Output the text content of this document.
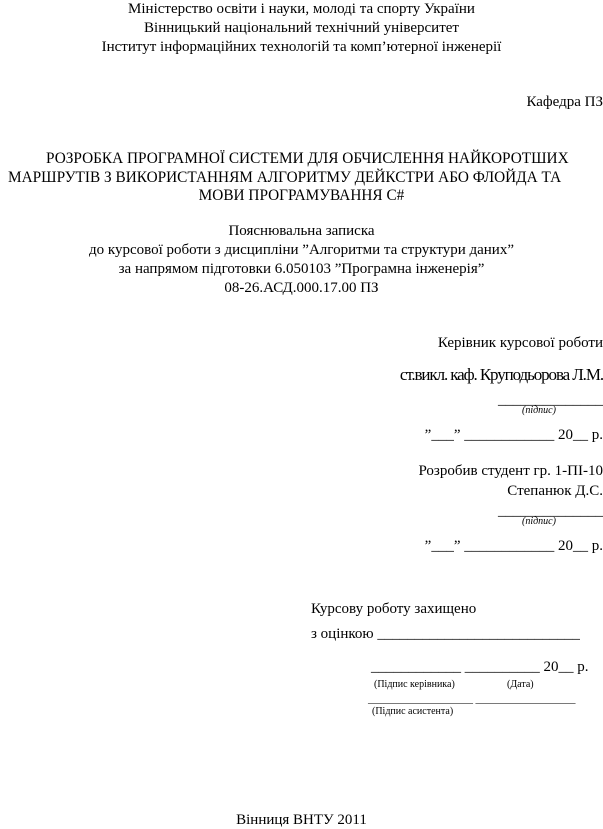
Міністерство освіти і науки, молоді та спорту України
Вінницький національний технічний університет
Інститут інформаційних технологій та комп’ютерної інженерії
Кафедра ПЗ
РОЗРОБКА ПРОГРАМНОЇ СИСТЕМИ ДЛЯ ОБЧИСЛЕННЯ НАЙКОРОТШИХ
МАРШРУТІВ З ВИКОРИСТАННЯМ АЛГОРИТМУ ДЕЙКСТРИ АБО ФЛОЙДА ТА
МОВИ ПРОГРАМУВАННЯ C#
Пояснювальна записка
до курсової роботи з дисципліни ”Алгоритми та структури даних”
за напрямом підготовки 6.050103 ”Програмна інженерія”
08-26.АСД.000.17.00 ПЗ
Керівник курсової роботи
ст.викл. каф. Круподьорова Л.М.
______________
(підпис)
”___” ____________ 20__ р.
Розробив студент гр. 1-ПІ-10
Степанюк Д.С.
______________
(підпис)
”___” ____________ 20__ р.
Курсову роботу захищено
з оцінкою ___________________________
____________ __________ 20__ р.
(Підпис керівника)	(Дата)
_____________________ ____________________
(Підпис асистента)
Вінниця ВНТУ 2011
